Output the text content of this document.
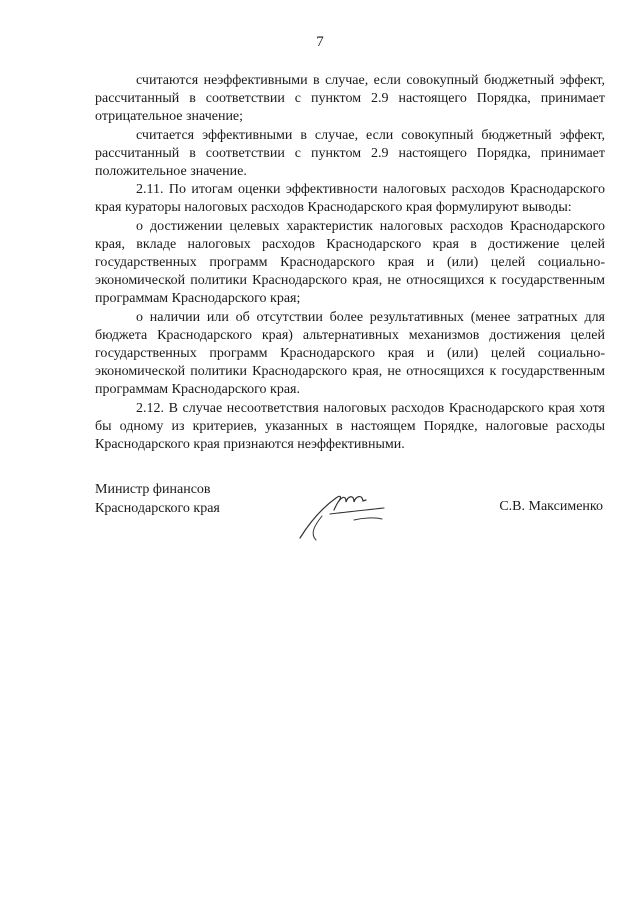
7

считаются неэффективными в случае, если совокупный бюджетный эффект, рассчитанный в соответствии с пунктом 2.9 настоящего Порядка, принимает отрицательное значение;

считается эффективными в случае, если совокупный бюджетный эффект, рассчитанный в соответствии с пунктом 2.9 настоящего Порядка, принимает положительное значение.

2.11. По итогам оценки эффективности налоговых расходов Краснодарского края кураторы налоговых расходов Краснодарского края формулируют выводы:

о достижении целевых характеристик налоговых расходов Краснодарского края, вкладе налоговых расходов Краснодарского края в достижение целей государственных программ Краснодарского края и (или) целей социально-экономической политики Краснодарского края, не относящихся к государственным программам Краснодарского края;

о наличии или об отсутствии более результативных (менее затратных для бюджета Краснодарского края) альтернативных механизмов достижения целей государственных программ Краснодарского края и (или) целей социально-экономической политики Краснодарского края, не относящихся к государственным программам Краснодарского края.

2.12. В случае несоответствия налоговых расходов Краснодарского края хотя бы одному из критериев, указанных в настоящем Порядке, налоговые расходы Краснодарского края признаются неэффективными.

Министр финансов
Краснодарского края	С.В. Максименко
